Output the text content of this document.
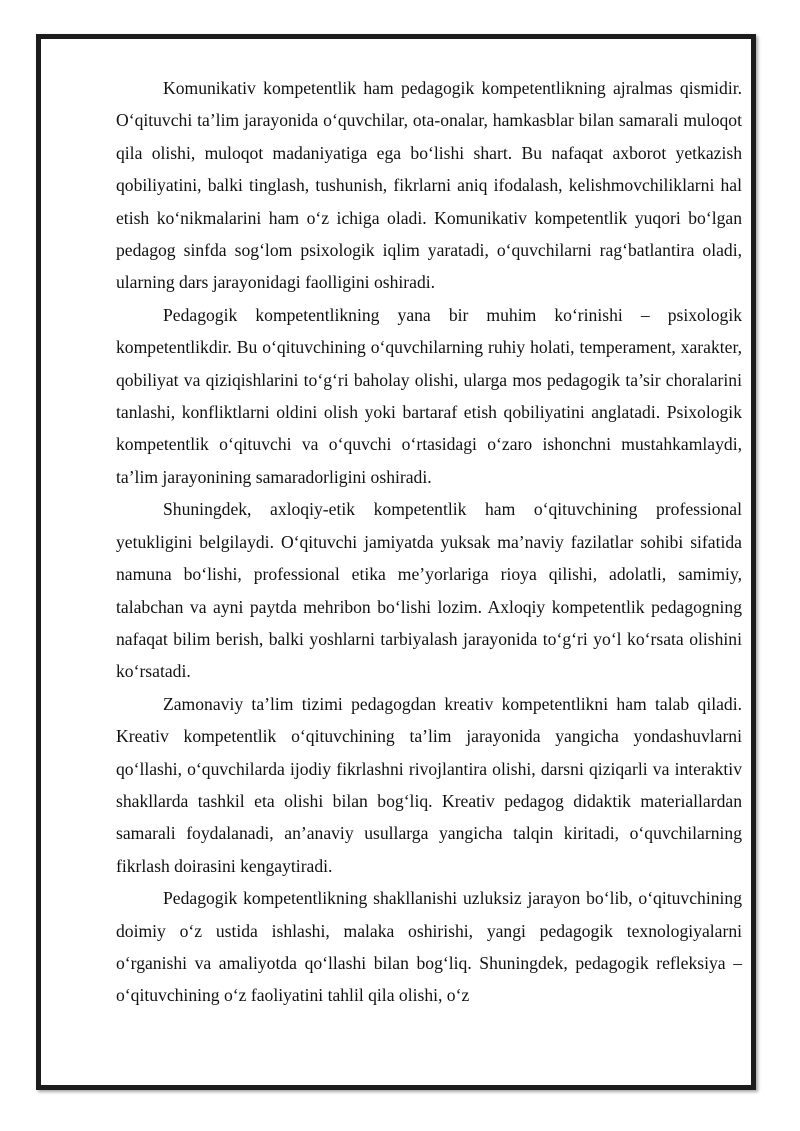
Komunikativ kompetentlik ham pedagogik kompetentlikning ajralmas qismidir. O‘qituvchi ta’lim jarayonida o‘quvchilar, ota-onalar, hamkasblar bilan samarali muloqot qila olishi, muloqot madaniyatiga ega bo‘lishi shart. Bu nafaqat axborot yetkazish qobiliyatini, balki tinglash, tushunish, fikrlarni aniq ifodalash, kelishmovchiliklarni hal etish ko‘nikmalarini ham o‘z ichiga oladi. Komunikativ kompetentlik yuqori bo‘lgan pedagog sinfda sog‘lom psixologik iqlim yaratadi, o‘quvchilarni rag‘batlantira oladi, ularning dars jarayonidagi faolligini oshiradi.

Pedagogik kompetentlikning yana bir muhim ko‘rinishi – psixologik kompetentlikdir. Bu o‘qituvchining o‘quvchilarning ruhiy holati, temperament, xarakter, qobiliyat va qiziqishlarini to‘g‘ri baholay olishi, ularga mos pedagogik ta’sir choralarini tanlashi, konfliktlarni oldini olish yoki bartaraf etish qobiliyatini anglatadi. Psixologik kompetentlik o‘qituvchi va o‘quvchi o‘rtasidagi o‘zaro ishonchni mustahkamlaydi, ta’lim jarayonining samaradorligini oshiradi.

Shuningdek, axloqiy-etik kompetentlik ham o‘qituvchining professional yetukligini belgilaydi. O‘qituvchi jamiyatda yuksak ma’naviy fazilatlar sohibi sifatida namuna bo‘lishi, professional etika me’yorlariga rioya qilishi, adolatli, samimiy, talabchan va ayni paytda mehribon bo‘lishi lozim. Axloqiy kompetentlik pedagogning nafaqat bilim berish, balki yoshlarni tarbiyalash jarayonida to‘g‘ri yo‘l ko‘rsata olishini ko‘rsatadi.

Zamonaviy ta’lim tizimi pedagogdan kreativ kompetentlikni ham talab qiladi. Kreativ kompetentlik o‘qituvchining ta’lim jarayonida yangicha yondashuvlarni qo‘llashi, o‘quvchilarda ijodiy fikrlashni rivojlantira olishi, darsni qiziqarli va interaktiv shakllarda tashkil eta olishi bilan bog‘liq. Kreativ pedagog didaktik materiallardan samarali foydalanadi, an’anaviy usullarga yangicha talqin kiritadi, o‘quvchilarning fikrlash doirasini kengaytiradi.

Pedagogik kompetentlikning shakllanishi uzluksiz jarayon bo‘lib, o‘qituvchining doimiy o‘z ustida ishlashi, malaka oshirishi, yangi pedagogik texnologiyalarni o‘rganishi va amaliyotda qo‘llashi bilan bog‘liq. Shuningdek, pedagogik refleksiya – o‘qituvchining o‘z faoliyatini tahlil qila olishi, o‘z
